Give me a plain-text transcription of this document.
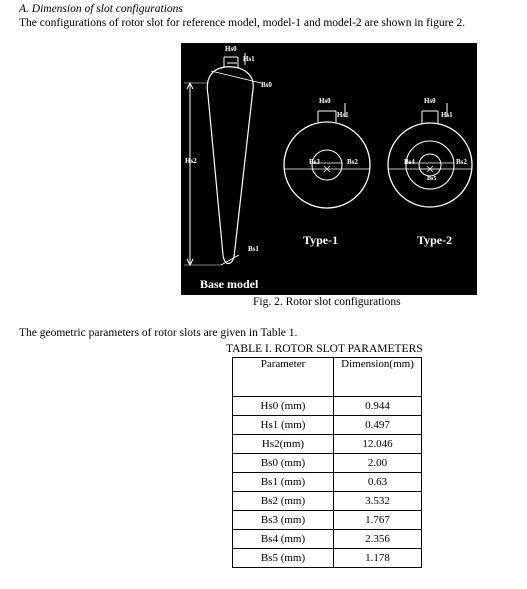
A. Dimension of slot configurations
The configurations of rotor slot for reference model, model-1 and model-2 are shown in figure 2.
Hs0
Hs1
Bs0
Hs2
Bs1
Base model
Hs0
Hs1
Bs3	Bs2
Type-1
Hs0
Hs1
Bs4
Bs5
Bs2
Type-2
Fig. 2. Rotor slot configurations
The geometric parameters of rotor slots are given in Table 1.
TABLE I. ROTOR SLOT PARAMETERS
Parameter	Dimension(mm)
Hs0 (mm)	0.944
Hs1 (mm)	0.497
Hs2(mm)	12.046
Bs0 (mm)	2.00
Bs1 (mm)	0.63
Bs2 (mm)	3.532
Bs3 (mm)	1.767
Bs4 (mm)	2.356
Bs5 (mm)	1.178
